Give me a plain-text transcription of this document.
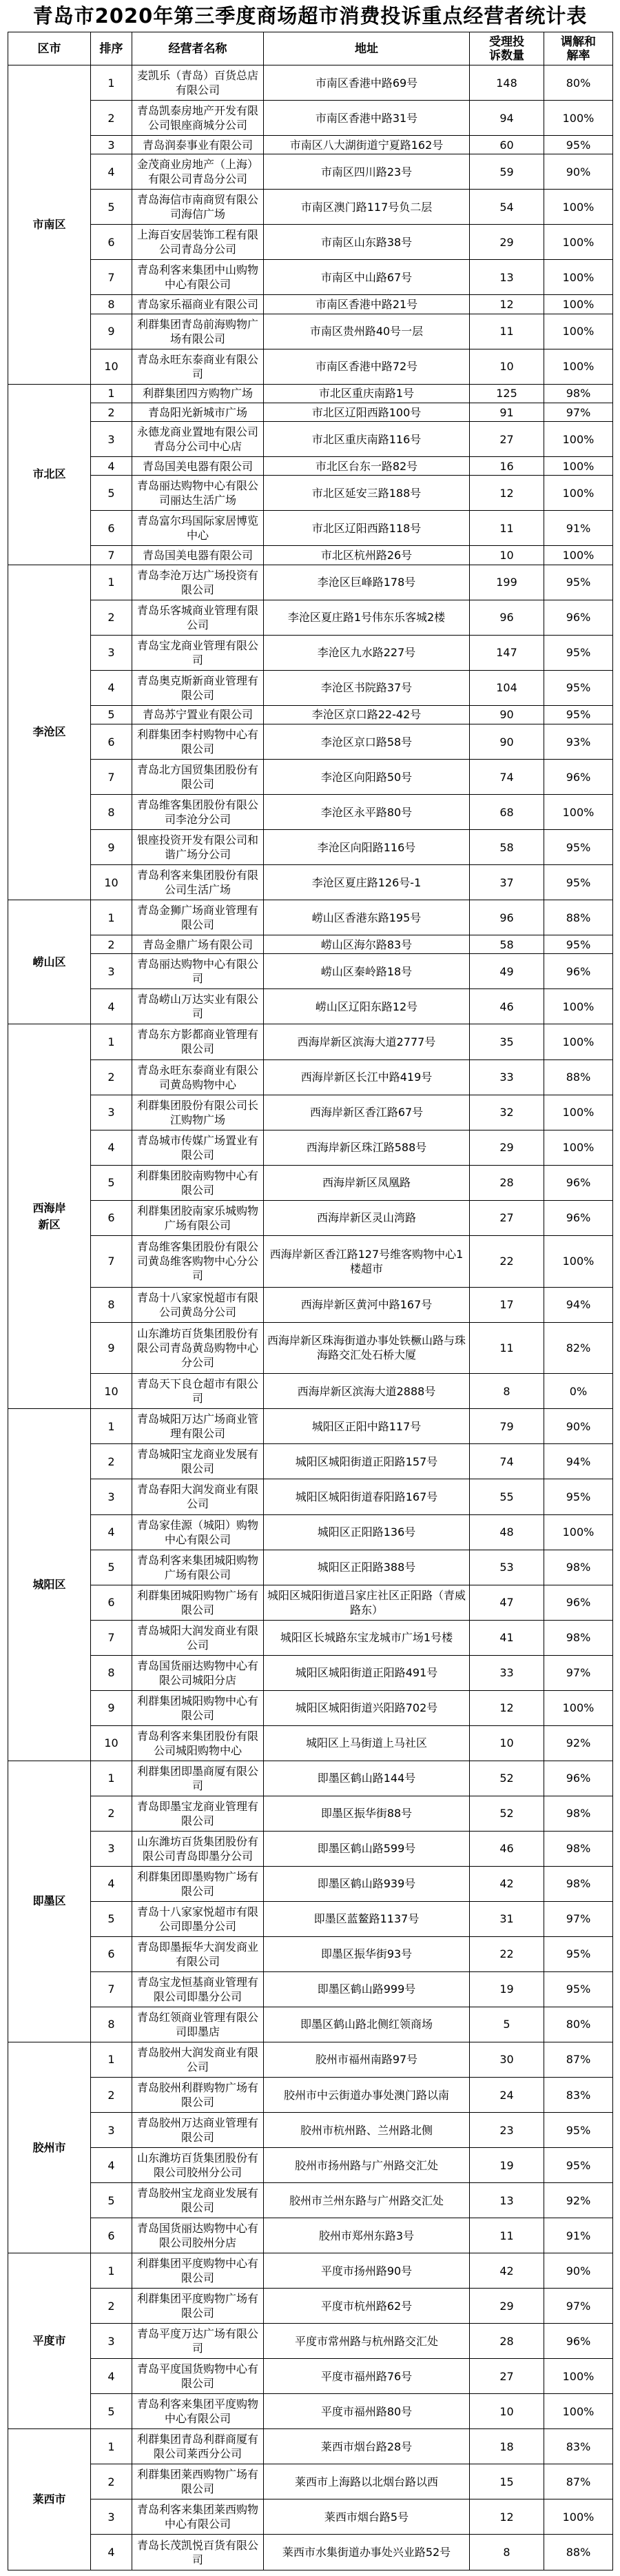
青岛市2020年第三季度商场超市消费投诉重点经营者统计表
区市	排序	经营者名称	地址	受理投诉数量	调解和解率
市南区	1	麦凯乐（青岛）百货总店有限公司	市南区香港中路69号	148	80%
	2	青岛凯泰房地产开发有限公司银座商城分公司	市南区香港中路31号	94	100%
	3	青岛润泰事业有限公司	市南区八大湖街道宁夏路162号	60	95%
	4	金茂商业房地产（上海）有限公司青岛分公司	市南区四川路23号	59	90%
	5	青岛海信市南商贸有限公司海信广场	市南区澳门路117号负二层	54	100%
	6	上海百安居装饰工程有限公司青岛分公司	市南区山东路38号	29	100%
	7	青岛利客来集团中山购物中心有限公司	市南区中山路67号	13	100%
	8	青岛家乐福商业有限公司	市南区香港中路21号	12	100%
	9	利群集团青岛前海购物广场有限公司	市南区贵州路40号一层	11	100%
	10	青岛永旺东泰商业有限公司	市南区香港中路72号	10	100%
市北区	1	利群集团四方购物广场	市北区重庆南路1号	125	98%
	2	青岛阳光新城市广场	市北区辽阳西路100号	91	97%
	3	永德龙商业置地有限公司青岛分公司中心店	市北区重庆南路116号	27	100%
	4	青岛国美电器有限公司	市北区台东一路82号	16	100%
	5	青岛丽达购物中心有限公司丽达生活广场	市北区延安三路188号	12	100%
	6	青岛富尔玛国际家居博览中心	市北区辽阳西路118号	11	91%
	7	青岛国美电器有限公司	市北区杭州路26号	10	100%
李沧区	1	青岛李沧万达广场投资有限公司	李沧区巨峰路178号	199	95%
	2	青岛乐客城商业管理有限公司	李沧区夏庄路1号伟东乐客城2楼	96	96%
	3	青岛宝龙商业管理有限公司	李沧区九水路227号	147	95%
	4	青岛奥克斯新商业管理有限公司	李沧区书院路37号	104	95%
	5	青岛苏宁置业有限公司	李沧区京口路22-42号	90	95%
	6	利群集团李村购物中心有限公司	李沧区京口路58号	90	93%
	7	青岛北方国贸集团股份有限公司	李沧区向阳路50号	74	96%
	8	青岛维客集团股份有限公司李沧分公司	李沧区永平路80号	68	100%
	9	银座投资开发有限公司和谐广场分公司	李沧区向阳路116号	58	95%
	10	青岛利客来集团股份有限公司生活广场	李沧区夏庄路126号-1	37	95%
崂山区	1	青岛金狮广场商业管理有限公司	崂山区香港东路195号	96	88%
	2	青岛金鼎广场有限公司	崂山区海尔路83号	58	95%
	3	青岛丽达购物中心有限公司	崂山区秦岭路18号	49	96%
	4	青岛崂山万达实业有限公司	崂山区辽阳东路12号	46	100%
西海岸新区	1	青岛东方影都商业管理有限公司	西海岸新区滨海大道2777号	35	100%
	2	青岛永旺东泰商业有限公司黄岛购物中心	西海岸新区长江中路419号	33	88%
	3	利群集团股份有限公司长江购物广场	西海岸新区香江路67号	32	100%
	4	青岛城市传媒广场置业有限公司	西海岸新区珠江路588号	29	100%
	5	利群集团胶南购物中心有限公司	西海岸新区凤凰路	28	96%
	6	利群集团胶南家乐城购物广场有限公司	西海岸新区灵山湾路	27	96%
	7	青岛维客集团股份有限公司黄岛维客购物中心分公司	西海岸新区香江路127号维客购物中心1楼超市	22	100%
	8	青岛十八家家悦超市有限公司黄岛分公司	西海岸新区黄河中路167号	17	94%
	9	山东潍坊百货集团股份有限公司青岛黄岛购物中心分公司	西海岸新区珠海街道办事处铁橛山路与珠海路交汇处石桥大厦	11	82%
	10	青岛天下良仓超市有限公司	西海岸新区滨海大道2888号	8	0%
城阳区	1	青岛城阳万达广场商业管理有限公司	城阳区正阳中路117号	79	90%
	2	青岛城阳宝龙商业发展有限公司	城阳区城阳街道正阳路157号	74	94%
	3	青岛春阳大润发商业有限公司	城阳区城阳街道春阳路167号	55	95%
	4	青岛家佳源（城阳）购物中心有限公司	城阳区正阳路136号	48	100%
	5	青岛利客来集团城阳购物广场有限公司	城阳区正阳路388号	53	98%
	6	利群集团城阳购物广场有限公司	城阳区城阳街道吕家庄社区正阳路（青威路东）	47	96%
	7	青岛城阳大润发商业有限公司	城阳区长城路东宝龙城市广场1号楼	41	98%
	8	青岛国货丽达购物中心有限公司城阳分店	城阳区城阳街道正阳路491号	33	97%
	9	利群集团城阳购物中心有限公司	城阳区城阳街道兴阳路702号	12	100%
	10	青岛利客来集团股份有限公司城阳购物中心	城阳区上马街道上马社区	10	92%
即墨区	1	利群集团即墨商厦有限公司	即墨区鹤山路144号	52	96%
	2	青岛即墨宝龙商业管理有限公司	即墨区振华街88号	52	98%
	3	山东潍坊百货集团股份有限公司青岛即墨分公司	即墨区鹤山路599号	46	98%
	4	利群集团即墨购物广场有限公司	即墨区鹤山路939号	42	98%
	5	青岛十八家家悦超市有限公司即墨分公司	即墨区蓝鳌路1137号	31	97%
	6	青岛即墨振华大润发商业有限公司	即墨区振华街93号	22	95%
	7	青岛宝龙恒基商业管理有限公司即墨分公司	即墨区鹤山路999号	19	95%
	8	青岛红领商业管理有限公司即墨店	即墨区鹤山路北侧红领商场	5	80%
胶州市	1	青岛胶州大润发商业有限公司	胶州市福州南路97号	30	87%
	2	青岛胶州利群购物广场有限公司	胶州市中云街道办事处澳门路以南	24	83%
	3	青岛胶州万达商业管理有限公司	胶州市杭州路、兰州路北侧	23	95%
	4	山东潍坊百货集团股份有限公司胶州分公司	胶州市扬州路与广州路交汇处	19	95%
	5	青岛胶州宝龙商业发展有限公司	胶州市兰州东路与广州路交汇处	13	92%
	6	青岛国货丽达购物中心有限公司胶州分店	胶州市郑州东路3号	11	91%
平度市	1	利群集团平度购物中心有限公司	平度市扬州路90号	42	90%
	2	利群集团平度购物广场有限公司	平度市杭州路62号	29	97%
	3	青岛平度万达广场有限公司	平度市常州路与杭州路交汇处	28	96%
	4	青岛平度国货购物中心有限公司	平度市福州路76号	27	100%
	5	青岛利客来集团平度购物中心有限公司	平度市福州路80号	10	100%
莱西市	1	利群集团青岛利群商厦有限公司莱西分公司	莱西市烟台路28号	18	83%
	2	利群集团莱西购物广场有限公司	莱西市上海路以北烟台路以西	15	87%
	3	青岛利客来集团莱西购物中心有限公司	莱西市烟台路5号	12	100%
	4	青岛长茂凯悦百货有限公司	莱西市水集街道办事处兴业路52号	8	88%
